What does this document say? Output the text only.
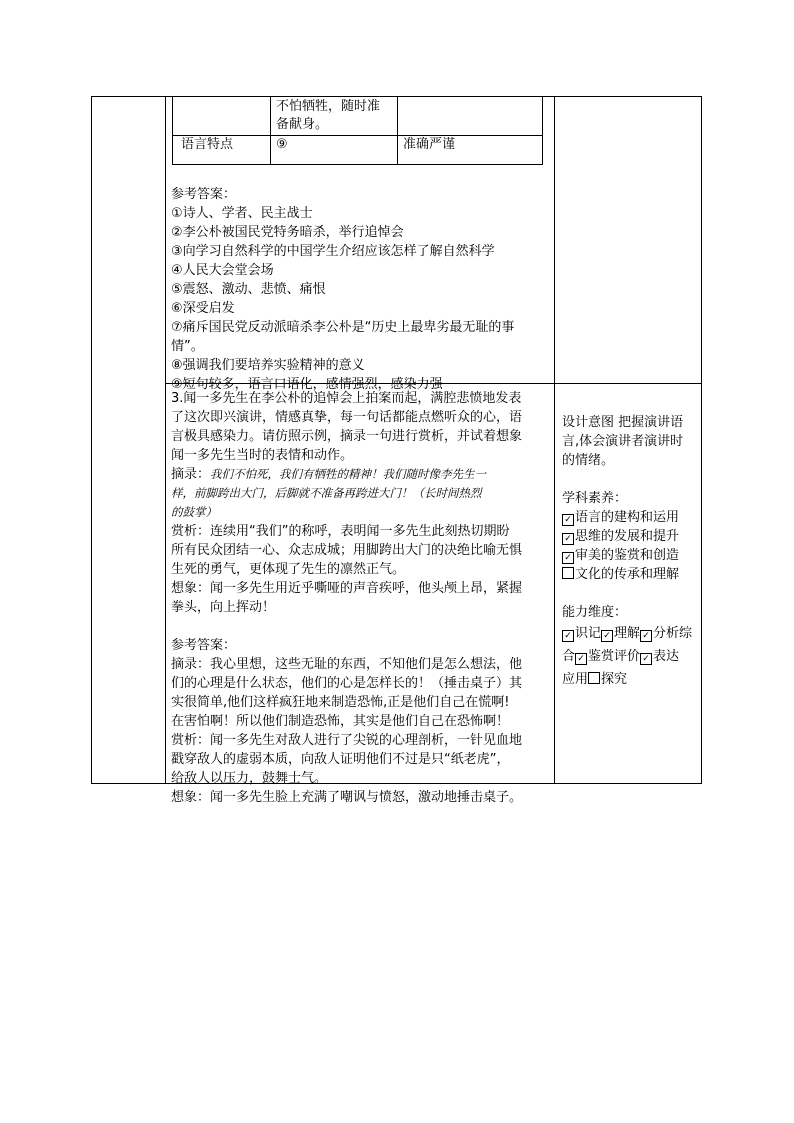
不怕牺牲，随时准
备献身。
语言特点	⑨	准确严谨

参考答案：

①诗人、学者、民主战士

②李公朴被国民党特务暗杀，举行追悼会

③向学习自然科学的中国学生介绍应该怎样了解自然科学

④人民大会堂会场

⑤震怒、激动、悲愤、痛恨

⑥深受启发

⑦痛斥国民党反动派暗杀李公朴是“历史上最卑劣最无耻的事

情”。

⑧强调我们要培养实验精神的意义

⑨短句较多，语言口语化，感情强烈，感染力强

3.闻一多先生在李公朴的追悼会上拍案而起，满腔悲愤地发表

了这次即兴演讲，情感真挚，每一句话都能点燃听众的心，语

言极具感染力。请仿照示例，摘录一句进行赏析，并试着想象

闻一多先生当时的表情和动作。

摘录：我们不怕死，我们有牺牲的精神！我们随时像李先生一

样，前脚跨出大门，后脚就不准备再跨进大门！（长时间热烈

的鼓掌）

赏析：连续用“我们”的称呼，表明闻一多先生此刻热切期盼

所有民众团结一心、众志成城；用脚跨出大门的决绝比喻无惧

生死的勇气，更体现了先生的凛然正气。

想象：闻一多先生用近乎嘶哑的声音疾呼，他头颅上昂，紧握

拳头，向上挥动！

参考答案：

摘录：我心里想，这些无耻的东西，不知他们是怎么想法，他

们的心理是什么状态，他们的心是怎样长的！（捶击桌子）其

实很简单,他们这样疯狂地来制造恐怖,正是他们自己在慌啊!

在害怕啊！所以他们制造恐怖，其实是他们自己在恐怖啊！

赏析：闻一多先生对敌人进行了尖锐的心理剖析，一针见血地

戳穿敌人的虚弱本质，向敌人证明他们不过是只“纸老虎”，

给敌人以压力，鼓舞士气。

想象：闻一多先生脸上充满了嘲讽与愤怒，激动地捶击桌子。

设计意图 把握演讲语

言,体会演讲者演讲时

的情绪。

学科素养：

✓ 语言的建构和运用

✓ 思维的发展和提升

✓ 审美的鉴赏和创造

文化的传承和理解

能力维度：

✓ 识记 ✓ 理解 ✓ 分析综

合 ✓ 鉴赏评价 ✓ 表达

应用 探究
